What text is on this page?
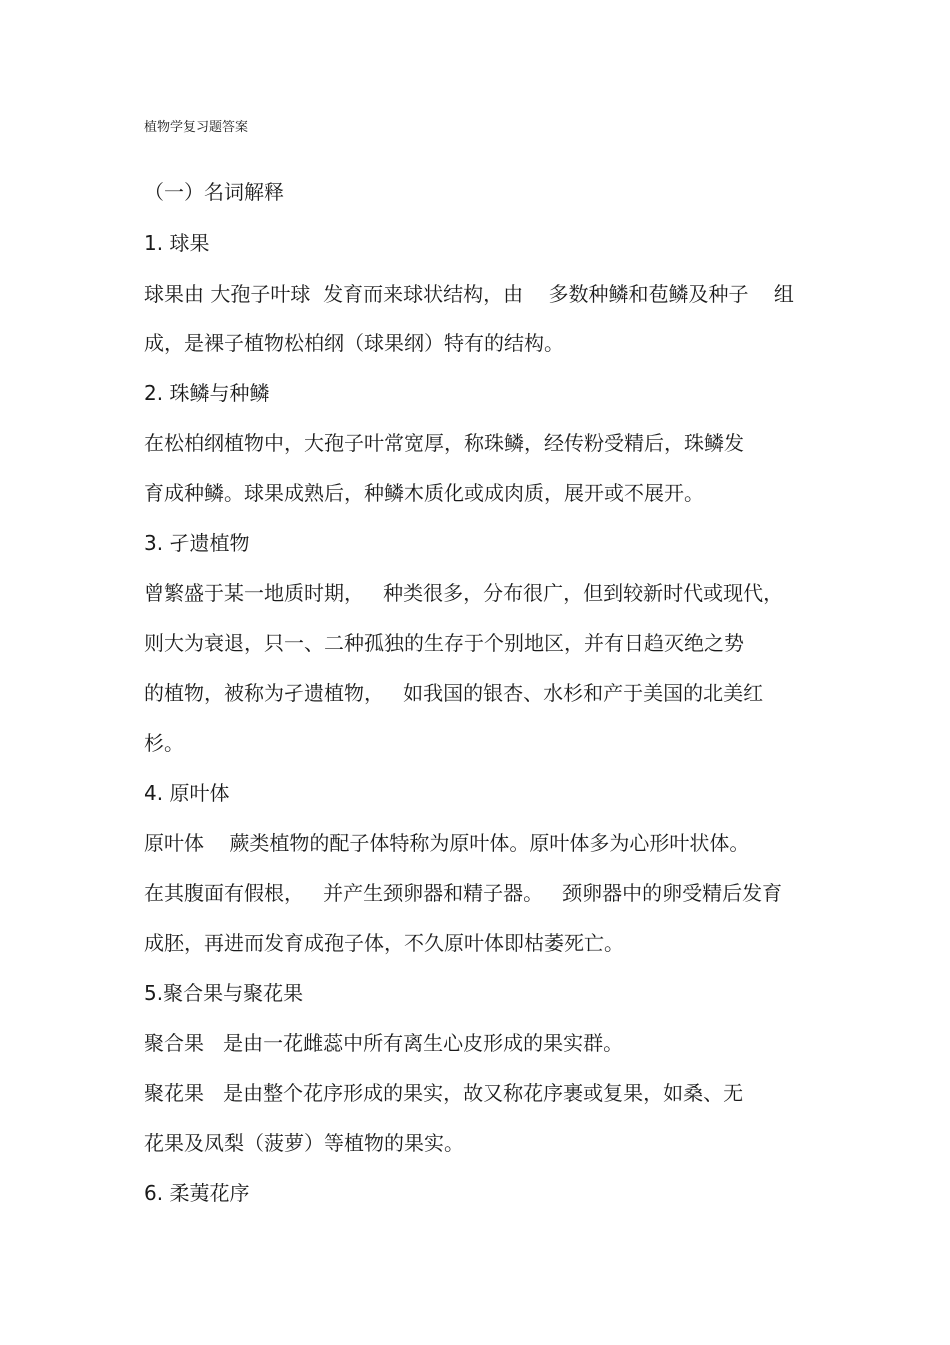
植物学复习题答案
（一）名词解释
1. 球果
球果由 大孢子叶球  发育而来球状结构，由    多数种鳞和苞鳞及种子    组
成，是裸子植物松柏纲（球果纲）特有的结构。
2. 珠鳞与种鳞
在松柏纲植物中，大孢子叶常宽厚，称珠鳞，经传粉受精后，珠鳞发
育成种鳞。球果成熟后，种鳞木质化或成肉质，展开或不展开。
3. 孑遗植物
曾繁盛于某一地质时期，   种类很多，分布很广，但到较新时代或现代，
则大为衰退，只一、二种孤独的生存于个别地区，并有日趋灭绝之势
的植物，被称为孑遗植物，   如我国的银杏、水杉和产于美国的北美红
杉。
4. 原叶体
原叶体    蕨类植物的配子体特称为原叶体。原叶体多为心形叶状体。
在其腹面有假根，   并产生颈卵器和精子器。   颈卵器中的卵受精后发育
成胚，再进而发育成孢子体，不久原叶体即枯萎死亡。
5.聚合果与聚花果
聚合果   是由一花雌蕊中所有离生心皮形成的果实群。
聚花果   是由整个花序形成的果实，故又称花序裹或复果，如桑、无
花果及凤梨（菠萝）等植物的果实。
6. 柔荑花序
